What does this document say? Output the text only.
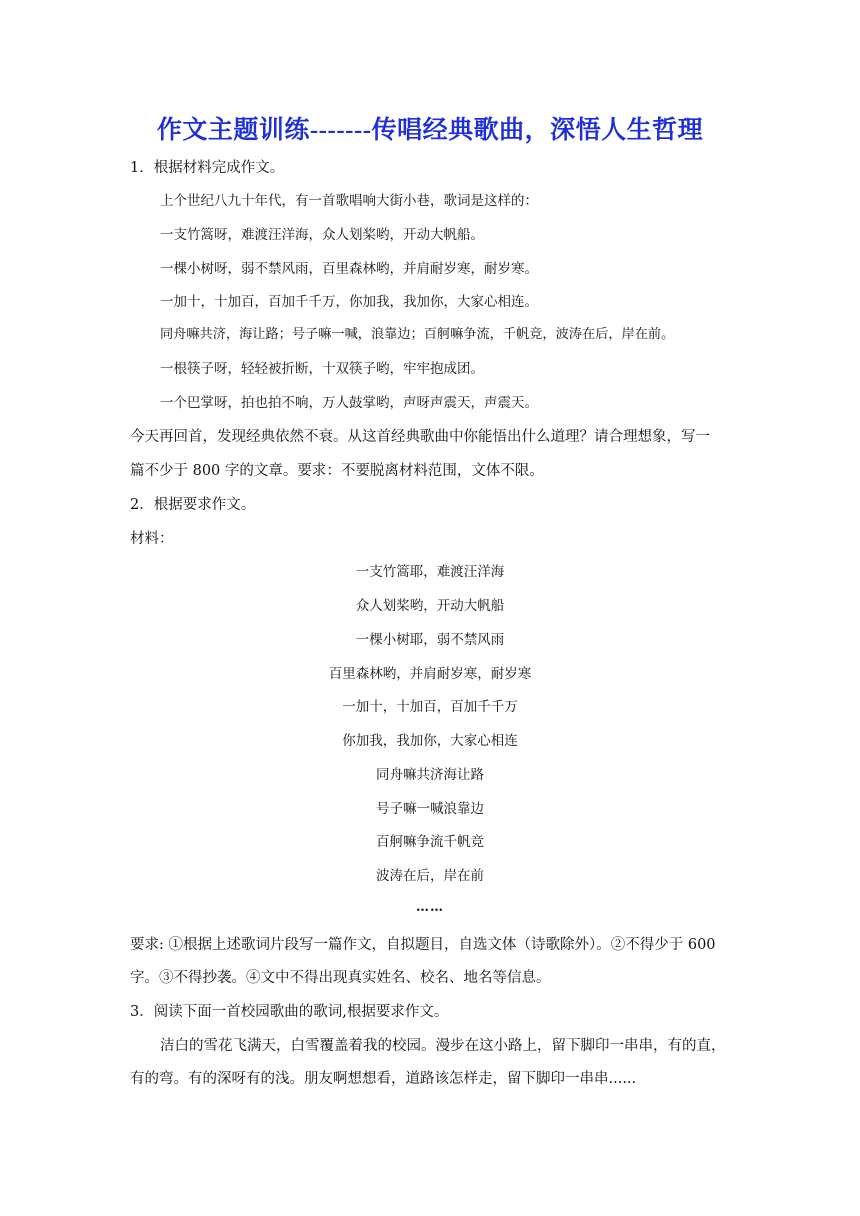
作文主题训练-------传唱经典歌曲，深悟人生哲理
1．根据材料完成作文。
上个世纪八九十年代，有一首歌唱响大街小巷，歌词是这样的：
一支竹篙呀，难渡汪洋海，众人划桨哟，开动大帆船。
一棵小树呀，弱不禁风雨，百里森林哟，并肩耐岁寒，耐岁寒。
一加十，十加百，百加千千万，你加我，我加你，大家心相连。
同舟嘛共济，海让路；号子嘛一喊，浪靠边；百舸嘛争流，千帆竞，波涛在后，岸在前。
一根筷子呀，轻轻被折断，十双筷子哟，牢牢抱成团。
一个巴掌呀，拍也拍不响，万人鼓掌哟，声呀声震天，声震天。
今天再回首，发现经典依然不衰。从这首经典歌曲中你能悟出什么道理？请合理想象，写一
篇不少于 800 字的文章。要求：不要脱离材料范围，文体不限。
2．根据要求作文。
材料：
一支竹篙耶，难渡汪洋海
众人划桨哟，开动大帆船
一棵小树耶，弱不禁风雨
百里森林哟，并肩耐岁寒，耐岁寒
一加十，十加百，百加千千万
你加我，我加你，大家心相连
同舟嘛共济海让路
号子嘛一喊浪靠边
百舸嘛争流千帆竞
波涛在后，岸在前
……
要求: ①根据上述歌词片段写一篇作文，自拟题目，自选文体（诗歌除外）。②不得少于 600
字。③不得抄袭。④文中不得出现真实姓名、校名、地名等信息。
3．阅读下面一首校园歌曲的歌词,根据要求作文。
洁白的雪花飞满天，白雪覆盖着我的校园。漫步在这小路上，留下脚印一串串，有的直，
有的弯。有的深呀有的浅。朋友啊想想看，道路该怎样走，留下脚印一串串......
